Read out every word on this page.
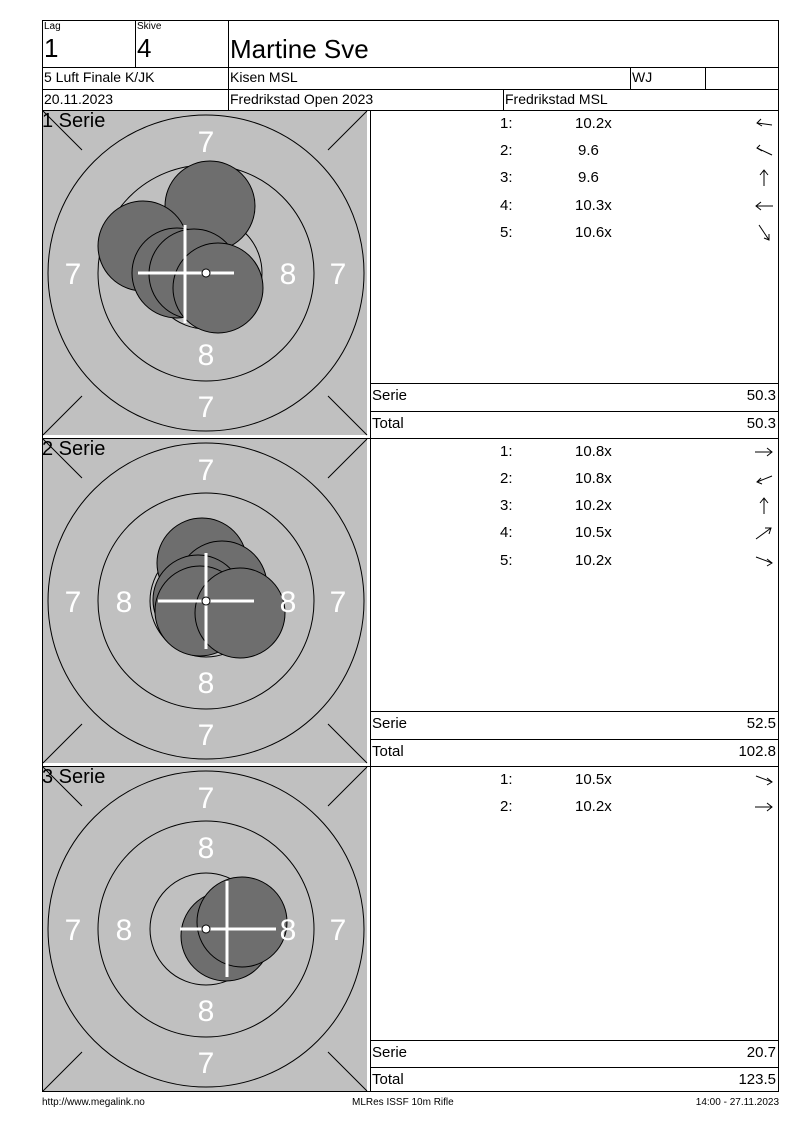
Lag
1
Skive
4	Martine Sve
5 Luft Finale K/JK	Kisen MSL	WJ
20.11.2023	Fredrikstad Open 2023	Fredrikstad MSL
7
7
7	7
8
8
1 Serie	1:	10.2x
2:	9.6
3:	9.6
4:	10.3x
5:	10.6x
Serie	50.3
Total	50.3
7
7
7	7
8	8
8
2 Serie	1:	10.8x
2:	10.8x
3:	10.2x
4:	10.5x
5:	10.2x
Serie	52.5
Total	102.8
7
7
7	7
8
8
8	8
3 Serie	1:	10.5x
2:	10.2x
Serie	20.7
Total	123.5
http://www.megalink.no	MLRes ISSF 10m Rifle	14:00 - 27.11.2023
